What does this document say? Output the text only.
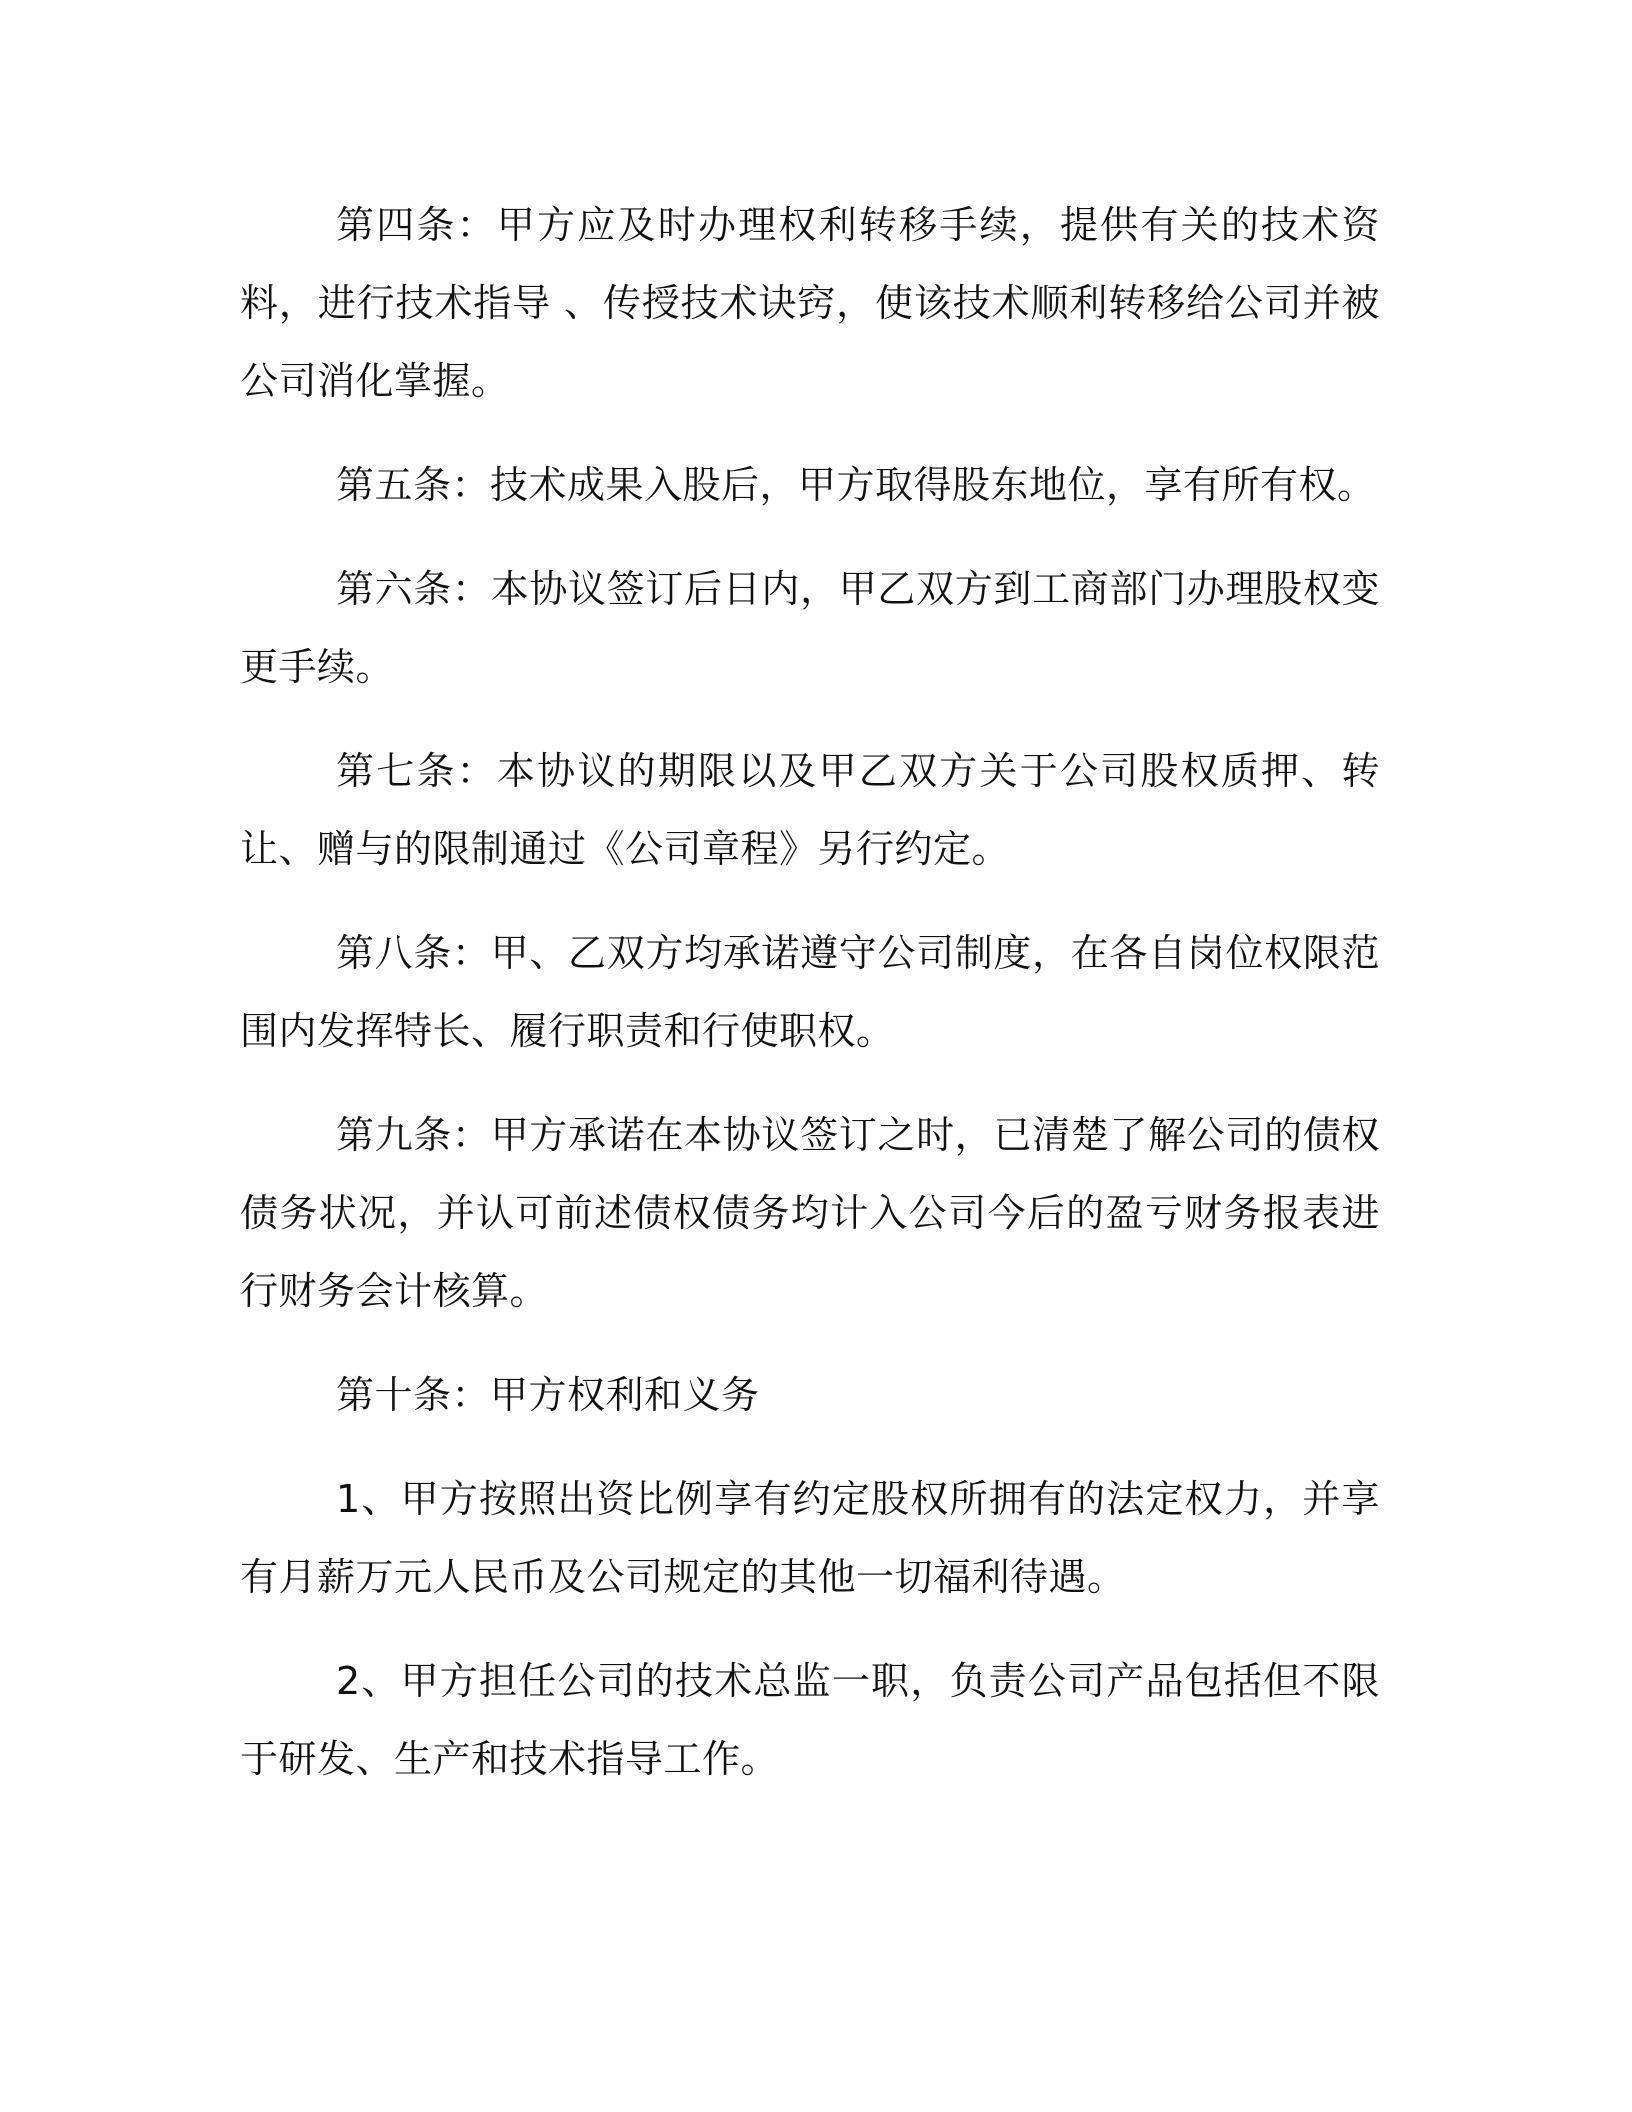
第四条：甲方应及时办理权利转移手续，提供有关的技术资料，进行技术指导 、传授技术诀窍，使该技术顺利转移给公司并被公司消化掌握。

第五条：技术成果入股后，甲方取得股东地位，享有所有权。

第六条：本协议签订后日内，甲乙双方到工商部门办理股权变更手续。

第七条：本协议的期限以及甲乙双方关于公司股权质押、转让、赠与的限制通过《公司章程》另行约定。

第八条：甲、乙双方均承诺遵守公司制度，在各自岗位权限范围内发挥特长、履行职责和行使职权。

第九条：甲方承诺在本协议签订之时，已清楚了解公司的债权债务状况，并认可前述债权债务均计入公司今后的盈亏财务报表进行财务会计核算。

第十条：甲方权利和义务

1、甲方按照出资比例享有约定股权所拥有的法定权力，并享有月薪万元人民币及公司规定的其他一切福利待遇。

2、甲方担任公司的技术总监一职，负责公司产品包括但不限于研发、生产和技术指导工作。
